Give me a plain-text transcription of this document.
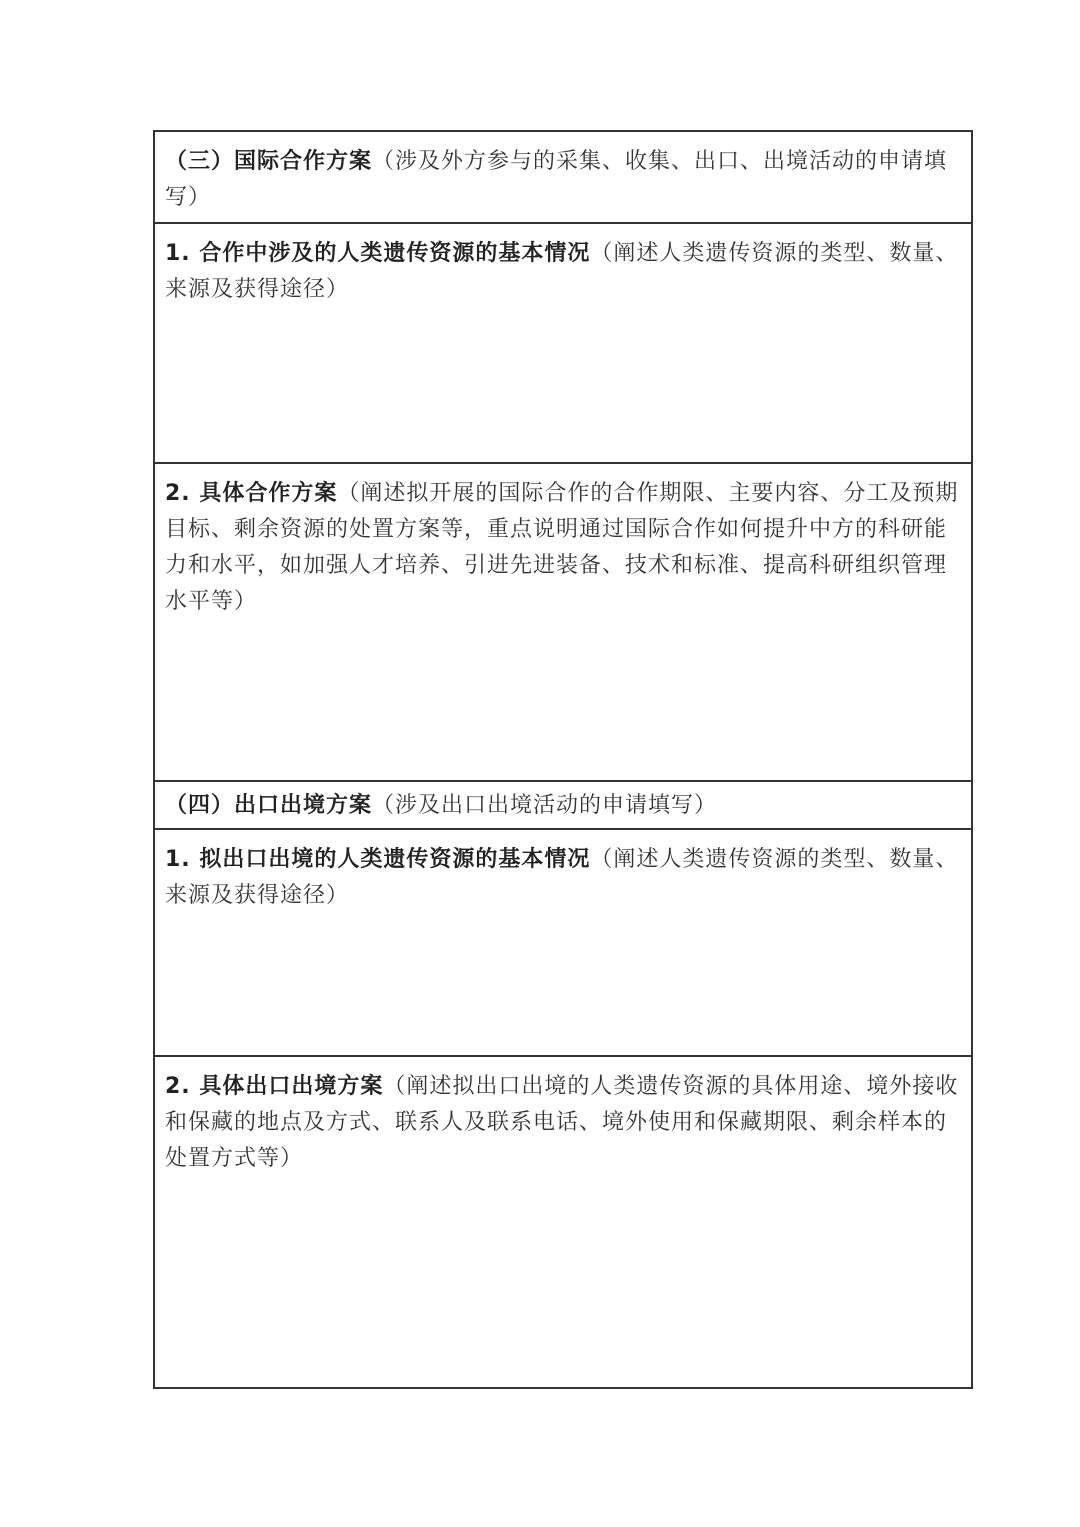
（三）国际合作方案（涉及外方参与的采集、收集、出口、出境活动的申请填写）
1. 合作中涉及的人类遗传资源的基本情况（阐述人类遗传资源的类型、数量、来源及获得途径）
2. 具体合作方案（阐述拟开展的国际合作的合作期限、主要内容、分工及预期目标、剩余资源的处置方案等，重点说明通过国际合作如何提升中方的科研能力和水平，如加强人才培养、引进先进装备、技术和标准、提高科研组织管理水平等）
（四）出口出境方案（涉及出口出境活动的申请填写）
1. 拟出口出境的人类遗传资源的基本情况（阐述人类遗传资源的类型、数量、来源及获得途径）
2. 具体出口出境方案（阐述拟出口出境的人类遗传资源的具体用途、境外接收和保藏的地点及方式、联系人及联系电话、境外使用和保藏期限、剩余样本的处置方式等）
